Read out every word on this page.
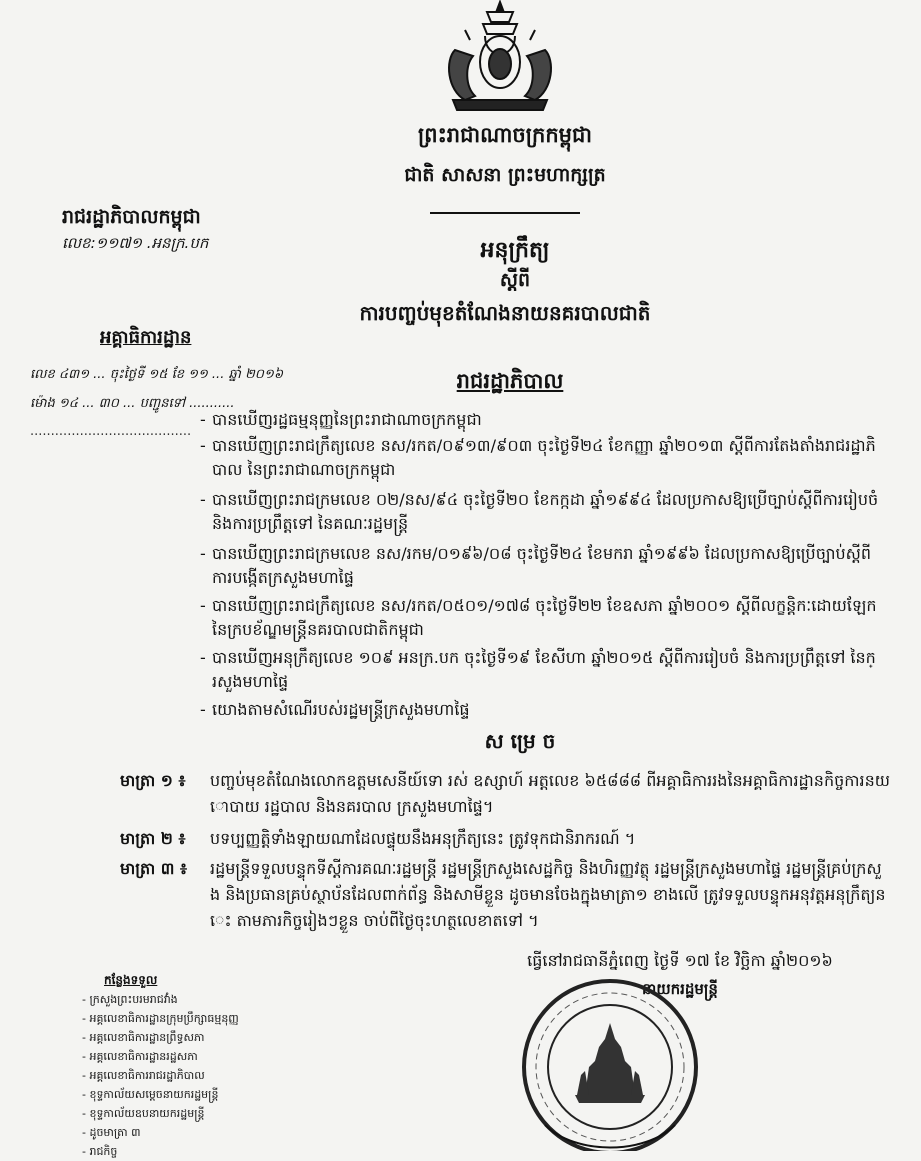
ព្រះរាជាណាចក្រកម្ពុជា
ជាតិ សាសនា ព្រះមហាក្សត្រ
រាជរដ្ឋាភិបាលកម្ពុជា
លេខ:១១៧១ .អនក្រ.បក	អនុក្រឹត្យ
ស្តីពី
ការបញ្ចប់មុខតំណែងនាយនគរបាលជាតិ
អគ្គាធិការដ្ឋាន
លេខ ៤៣១ ... ចុះថ្ងៃទី ១៥ ខែ ១១ ... ឆ្នាំ ២០១៦
ម៉ោង ១៤ ... ៣០ ... បញ្ជូនទៅ ...........
.......................................
រាជរដ្ឋាភិបាល
- បានឃើញរដ្ឋធម្មនុញ្ញនៃព្រះរាជាណាចក្រកម្ពុជា
- បានឃើញព្រះរាជក្រឹត្យលេខ នស/រកត/០៩១៣/៩០៣ ចុះថ្ងៃទី២៤ ខែកញ្ញា ឆ្នាំ២០១៣ ស្តីពីការតែងតាំងរាជរដ្ឋាភិបាល នៃព្រះរាជាណាចក្រកម្ពុជា
- បានឃើញព្រះរាជក្រមលេខ ០២/នស/៩៤ ចុះថ្ងៃទី២០ ខែកក្កដា ឆ្នាំ១៩៩៤ ដែលប្រកាសឱ្យប្រើច្បាប់ស្តីពីការរៀបចំ និងការប្រព្រឹត្តទៅ នៃគណៈរដ្ឋមន្ត្រី
- បានឃើញព្រះរាជក្រមលេខ នស/រកម/០១៩៦/០៨ ចុះថ្ងៃទី២៤ ខែមករា ឆ្នាំ១៩៩៦ ដែលប្រកាសឱ្យប្រើច្បាប់ស្តីពីការបង្កើតក្រសួងមហាផ្ទៃ
- បានឃើញព្រះរាជក្រឹត្យលេខ នស/រកត/០៥០១/១៧៨ ចុះថ្ងៃទី២២ ខែឧសភា ឆ្នាំ២០០១ ស្តីពីលក្ខន្តិកៈដោយឡែក នៃក្របខ័ណ្ឌមន្ត្រីនគរបាលជាតិកម្ពុជា
- បានឃើញអនុក្រឹត្យលេខ ១០៩ អនក្រ.បក ចុះថ្ងៃទី១៩ ខែសីហា ឆ្នាំ២០១៥ ស្តីពីការរៀបចំ និងការប្រព្រឹត្តទៅ នៃក្រសួងមហាផ្ទៃ
- យោងតាមសំណើរបស់រដ្ឋមន្ត្រីក្រសួងមហាផ្ទៃ
ស ម្រេ ច
មាត្រា ១ ៖	បញ្ចប់មុខតំណែងលោកឧត្តមសេនីយ៍ទោ រស់ ឧស្សាហ៍ អត្តលេខ ៦៥៨៨៨ ពីអគ្គាធិការរងនៃអគ្គាធិការដ្ឋានកិច្ចការនយោបាយ រដ្ឋបាល និងនគរបាល ក្រសួងមហាផ្ទៃ។
មាត្រា ២ ៖	បទប្បញ្ញត្តិទាំងឡាយណាដែលផ្ទុយនឹងអនុក្រឹត្យនេះ ត្រូវទុកជានិរាករណ៍ ។
មាត្រា ៣ ៖	រដ្ឋមន្ត្រីទទួលបន្ទុកទីស្តីការគណៈរដ្ឋមន្ត្រី រដ្ឋមន្ត្រីក្រសួងសេដ្ឋកិច្ច និងហិរញ្ញវត្ថុ រដ្ឋមន្ត្រីក្រសួងមហាផ្ទៃ រដ្ឋមន្ត្រីគ្រប់ក្រសួង និងប្រធានគ្រប់ស្ថាប័នដែលពាក់ព័ន្ធ និងសាមីខ្លួន ដូចមានចែងក្នុងមាត្រា១ ខាងលើ ត្រូវទទួលបន្ទុកអនុវត្តអនុក្រឹត្យនេះ តាមភារកិច្ចរៀងៗខ្លួន ចាប់ពីថ្ងៃចុះហត្ថលេខាតទៅ ។
ធ្វើនៅរាជធានីភ្នំពេញ ថ្ងៃទី ១៧ ខែ វិច្ឆិកា ឆ្នាំ២០១៦
នាយករដ្ឋមន្ត្រី
កន្លែងទទួល
- ក្រសួងព្រះបរមរាជវាំង
- អគ្គលេខាធិការដ្ឋានក្រុមប្រឹក្សាធម្មនុញ្ញ
- អគ្គលេខាធិការដ្ឋានព្រឹទ្ធសភា
- អគ្គលេខាធិការដ្ឋានរដ្ឋសភា
- អគ្គលេខាធិការរាជរដ្ឋាភិបាល
- ខុទ្ទកាល័យសម្តេចនាយករដ្ឋមន្ត្រី
- ខុទ្ទកាល័យឧបនាយករដ្ឋមន្ត្រី
- ដូចមាត្រា ៣
- រាជកិច្ច
